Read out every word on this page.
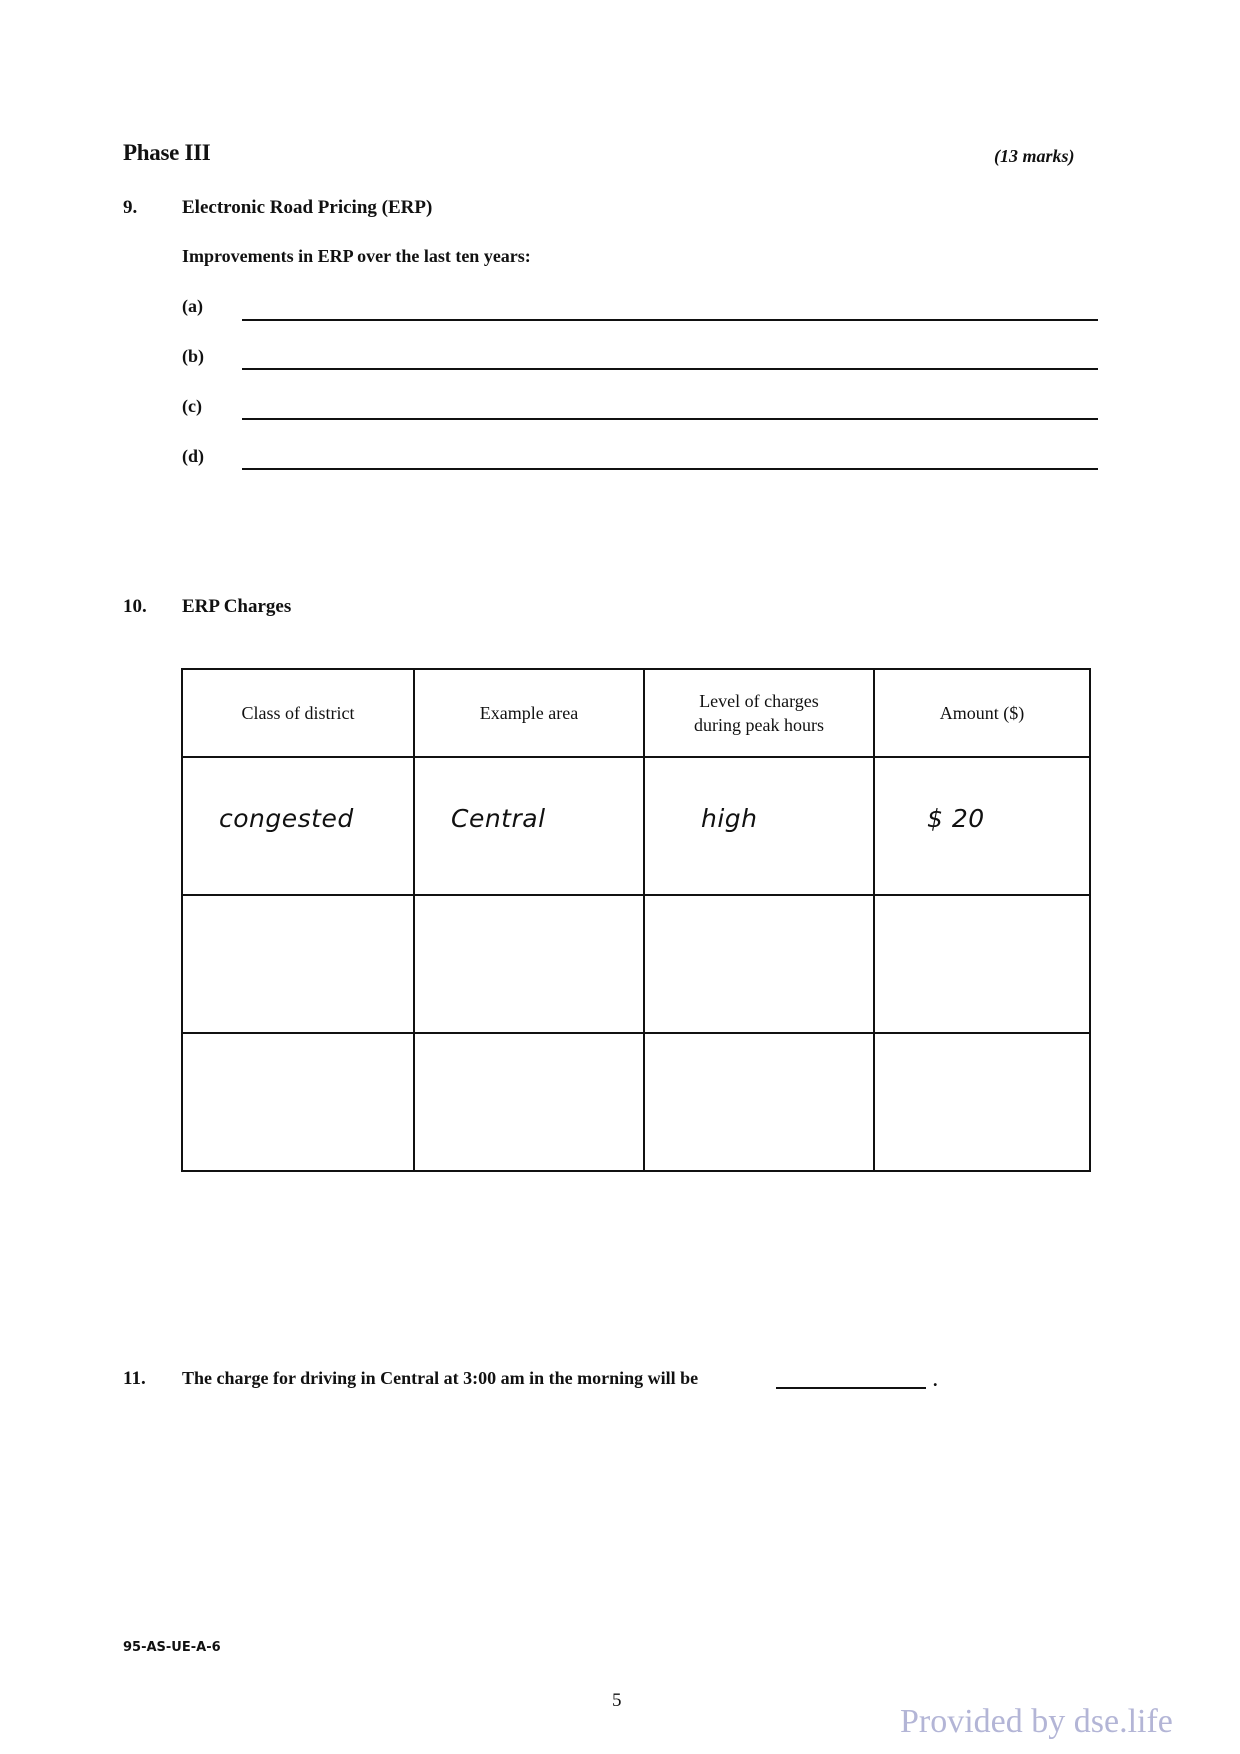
Phase III	(13 marks)
9. Electronic Road Pricing (ERP)
Improvements in ERP over the last ten years:
(a)
(b)
(c)
(d)
10. ERP Charges
Class of district	Example area	Level of charges during peak hours	Amount ($)

congested	Central	high	$ 20

11. The charge for driving in Central at 3:00 am in the morning will be	.
95-AS-UE-A-6
5
Provided by dse.life
